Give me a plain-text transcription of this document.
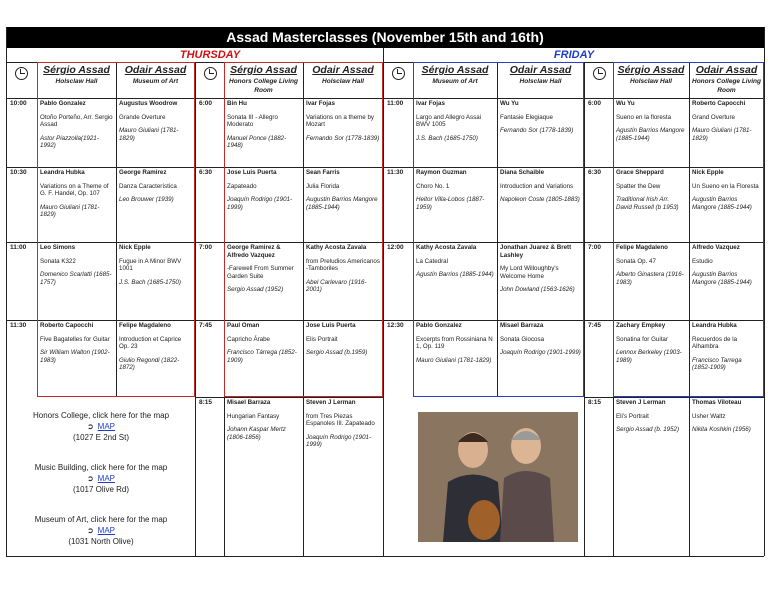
Assad Masterclasses (November 15th and 16th)
THURSDAY	FRIDAY
Sérgio Assad
Holsclaw Hall
Odair Assad
Museum of Art
Sérgio Assad
Honors College Living Room
Odair Assad
Holsclaw Hall
Sérgio Assad
Museum of Art
Odair Assad
Holsclaw Hall
Sérgio Assad
Holsclaw Hall
Odair Assad
Honors College Living Room
10:00
10:30
11:00
11:30
Pablo Gonzalez
Otoño Porteño, Arr. Sergio Assad
Astor Piazzolla(1921-1992)
Leandra Hubka
Variations on a Theme of G. F. Handel, Op. 107
Mauro Giuliani (1781-1829)
Leo Simons
Sonata K322
Domenico Scarlatti (1685-1757)
Roberto Capocchi
Five Bagatelles for Guitar
Sir William Walton (1902-1983)
Augustus Woodrow
Grande Overture
Mauro Giuliani (1781-1829)
George Ramirez
Danza Característica
Leo Brouwer (1939)
Nick Epple
Fugue in A Minor BWV 1001
J.S. Bach (1685-1750)
Felipe Magdaleno
Introduction et Caprice Op. 23
Giulio Regondi (1822-1872)
6:00
6:30
7:00
7:45
8:15
Bin Hu
Sonata III - Allegro Moderato
Manuel Ponce (1882-1948)
Jose Luis Puerta
Zapateado
Joaquín Rodrigo (1901-1999)
George Ramirez & Alfredo Vazquez
-Farewell From Summer Garden Suite
Sergio Assad (1952)
Paul Oman
Capricho Árabe
Francisco Tárrega (1852-1909)
Misael Barraza
Hungarian Fantasy
Johann Kaspar Mertz (1806-1856)
Ivar Fojas
Variations on a theme by Mozart
Fernando Sor (1778-1839)
Sean Farris
Julia Florida
Augustin Barrios Mangore (1885-1944)
Kathy Acosta Zavala
from Preludios Americanos -Tamboriles
Abel Carlevaro (1916-2001)
Jose Luis Puerta
Elis Portrait
Sergio Assad (b.1959)
Steven J Lerman
from Tres Piezas Espanoles III. Zapateado
Joaquín Rodrigo (1901-1999)
11:00
11:30
12:00
12:30
Ivar Fojas
Largo and Allegro Assai BWV 1005
J.S. Bach (1685-1750)
Raymon Guzman
Choro No. 1
Heitor Villa-Lobos (1887-1959)
Kathy Acosta Zavala
La Catedral
Agustín Barrios (1885-1944)
Pablo Gonzalez
Excerpts from Rossiniana N 1, Op. 119
Mauro Giuliani (1781-1829)
Wu Yu
Fantasie Elegiaque
Fernando Sor (1778-1839)
Diana Schaible
Introduction and Variations
Napoleon Coste (1805-1883)
Jonathan Juarez & Brett Lashley
My Lord Willoughby's Welcome Home
John Dowland (1563-1626)
Misael Barraza
Sonata Giocosa
Joaquín Rodrigo (1901-1999)
6:00
6:30
7:00
7:45
8:15
Wu Yu
Sueno en la floresta
Agustín Barrios Mangore (1885-1944)
Grace Sheppard
Spatter the Dew
Traditional Irish Arr. David Russell (b 1953)
Felipe Magdaleno
Sonata Op. 47
Alberto Ginastera (1916-1983)
Zachary Empkey
Sonatina for Guitar
Lennox Berkeley (1903-1989)
Steven J Lerman
Eli's Portrait
Sergio Assad (b. 1952)
Roberto Capocchi
Grand Overture
Mauro Giuliani (1781-1829)
Nick Epple
Un Sueno en la Floresta
Augustin Barrios Mangore (1885-1944)
Alfredo Vazquez
Estudio
Augustin Barrios Mangore (1885-1944)
Leandra Hubka
Recuerdos de la Alhambra
Francisco Tarrega (1852-1909)
Thomas Viloteau
Usher Waltz
Nikita Koshkin (1956)
Honors College, click here for the map
➲ MAP
(1027 E 2nd St)
Music Building, click here for the map
➲ MAP
(1017 Olive Rd)
Museum of Art, click here for the map
➲ MAP
(1031 North Olive)
